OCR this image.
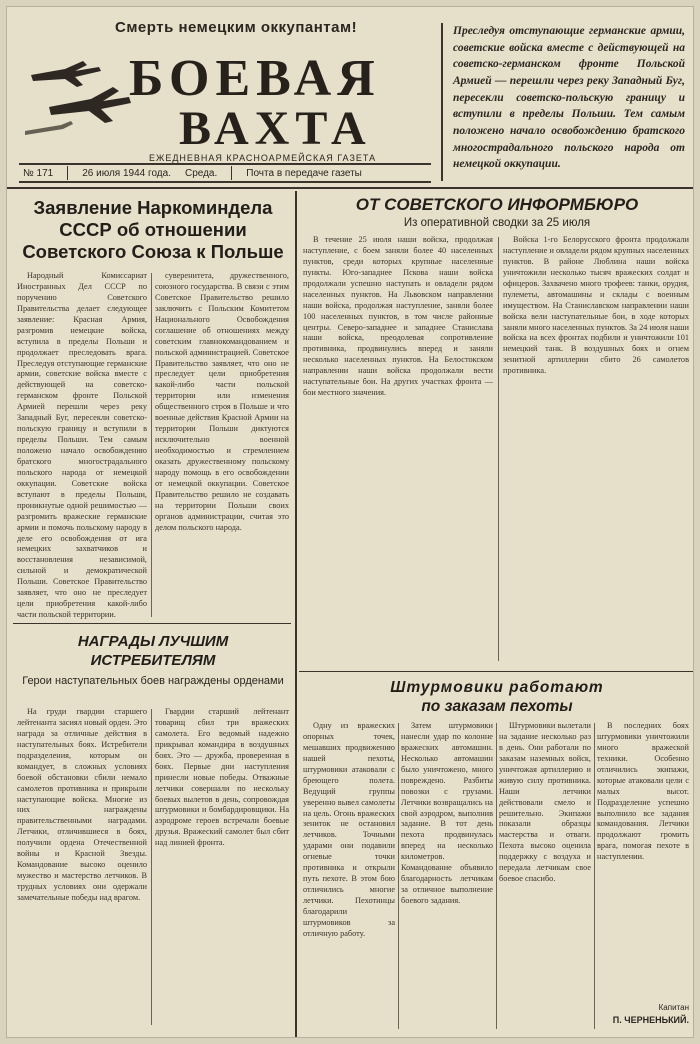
Смерть немецким оккупантам!
БОЕВАЯ
ВАХТА
ЕЖЕДНЕВНАЯ КРАСНОАРМЕЙСКАЯ ГАЗЕТА
№ 171	26 июля 1944 года. Среда.	Почта в передаче газеты
Преследуя отступающие германские армии, советские войска вместе с действующей на советско-германском фронте Польской Армией — перешли через реку Западный Буг, пересекли советско-польскую границу и вступили в пределы Польши. Тем самым положено начало освобождению братского многострадального польского народа от немецкой оккупации.
Заявление Наркоминдела СССР об отношении Советского Союза к Польше

Народный Комиссариат Иностранных Дел СССР по поручению Советского Правительства делает следующее заявление: Красная Армия, разгромив немецкие войска, вступила в пределы Польши и продолжает преследовать врага. Преследуя отступающие германские армии, советские войска вместе с действующей на советско-германском фронте Польской Армией перешли через реку Западный Буг, пересекли советско-польскую границу и вступили в пределы Польши. Тем самым положено начало освобождению братского многострадального польского народа от немецкой оккупации. Советские войска вступают в пределы Польши, проникнутые одной решимостью — разгромить вражеские германские армии и помочь польскому народу в деле его освобождения от ига немецких захватчиков и восстановления независимой, сильной и демократической Польши. Советское Правительство заявляет, что оно не преследует цели приобретения какой-либо части польской территории.

суверенитета, дружественного, союзного государства. В связи с этим Советское Правительство решило заключить с Польским Комитетом Национального Освобождения соглашение об отношениях между советским главнокомандованием и польской администрацией. Советское Правительство заявляет, что оно не преследует цели приобретения какой-либо части польской территории или изменения общественного строя в Польше и что военные действия Красной Армии на территории Польши диктуются исключительно военной необходимостью и стремлением оказать дружественному польскому народу помощь в его освобождении от немецкой оккупации. Советское Правительство решило не создавать на территории Польши своих органов администрации, считая это делом польского народа.

НАГРАДЫ ЛУЧШИМ
ИСТРЕБИТЕЛЯМ
Герои наступательных боев награждены орденами

На груди гвардии старшего лейтенанта засиял новый орден. Это награда за отличные действия в наступательных боях. Истребители подразделения, которым он командует, в сложных условиях боевой обстановки сбили немало самолетов противника и прикрыли наступающие войска. Многие из них награждены правительственными наградами. Летчики, отличившиеся в боях, получили ордена Отечественной войны и Красной Звезды. Командование высоко оценило мужество и мастерство летчиков. В трудных условиях они одержали замечательные победы над врагом.

Гвардии старший лейтенант товарищ сбил три вражеских самолета. Его ведомый надежно прикрывал командира в воздушных боях. Это — дружба, проверенная в боях. Первые дни наступления принесли новые победы. Отважные летчики совершали по нескольку боевых вылетов в день, сопровождая штурмовики и бомбардировщики. На аэродроме героев встречали боевые друзья. Вражеский самолет был сбит над линией фронта.

ОТ СОВЕТСКОГО ИНФОРМБЮРО
Из оперативной сводки за 25 июля

В течение 25 июля наши войска, продолжая наступление, с боем заняли более 40 населенных пунктов, среди которых крупные населенные пункты. Юго-западнее Пскова наши войска продолжали успешно наступать и овладели рядом населенных пунктов. На Львовском направлении наши войска, продолжая наступление, заняли более 100 населенных пунктов, в том числе районные центры. Северо-западнее и западнее Станислава наши войска, преодолевая сопротивление противника, продвинулись вперед и заняли несколько населенных пунктов. На Белостокском направлении наши войска продолжали вести наступательные бои. На других участках фронта — бои местного значения.

Войска 1-го Белорусского фронта продолжали наступление и овладели рядом крупных населенных пунктов. В районе Люблина наши войска уничтожили несколько тысяч вражеских солдат и офицеров. Захвачено много трофеев: танки, орудия, пулеметы, автомашины и склады с военным имуществом. На Станиславском направлении наши войска вели наступательные бои, в ходе которых заняли много населенных пунктов. За 24 июля наши войска на всех фронтах подбили и уничтожили 101 немецкий танк. В воздушных боях и огнем зенитной артиллерии сбито 26 самолетов противника.

Штурмовики работают
по заказам пехоты

Одну из вражеских опорных точек, мешавших продвижению нашей пехоты, штурмовики атаковали с бреющего полета. Ведущий группы уверенно вывел самолеты на цель. Огонь вражеских зениток не остановил летчиков. Точными ударами они подавили огневые точки противника и открыли путь пехоте. В этом бою отличились многие летчики. Пехотинцы благодарили штурмовиков за отличную работу.

Затем штурмовики нанесли удар по колонне вражеских автомашин. Несколько автомашин было уничтожено, много повреждено. Разбиты повозки с грузами. Летчики возвращались на свой аэродром, выполнив задание. В тот день пехота продвинулась вперед на несколько километров. Командование объявило благодарность летчикам за отличное выполнение боевого задания.

Штурмовики вылетали на задание несколько раз в день. Они работали по заказам наземных войск, уничтожая артиллерию и живую силу противника. Наши летчики действовали смело и решительно. Экипажи показали образцы мастерства и отваги. Пехота высоко оценила поддержку с воздуха и передала летчикам свое боевое спасибо.

В последних боях штурмовики уничтожили много вражеской техники. Особенно отличились экипажи, которые атаковали цели с малых высот. Подразделение успешно выполнило все задания командования. Летчики продолжают громить врага, помогая пехоте в наступлении.

Капитан
П. ЧЕРНЕНЬКИЙ.
